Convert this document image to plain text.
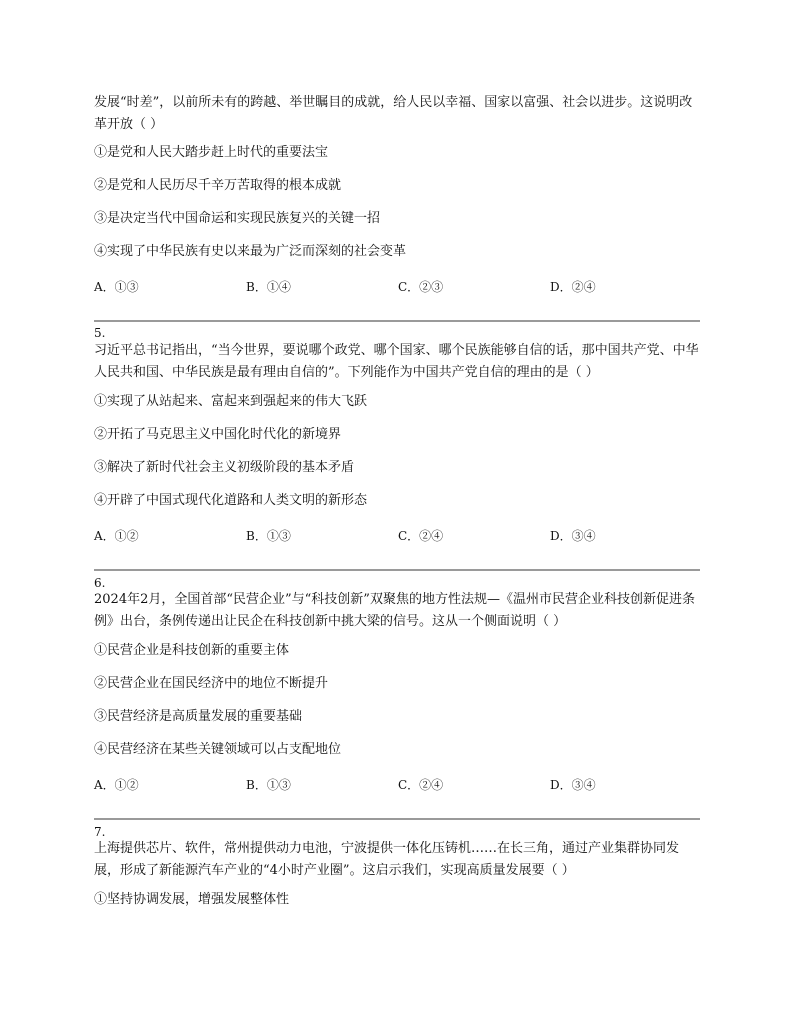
发展“时差”，以前所未有的跨越、举世瞩目的成就，给人民以幸福、国家以富强、社会以进步。这说明改革开放（ ）
①是党和人民大踏步赶上时代的重要法宝
②是党和人民历尽千辛万苦取得的根本成就
③是决定当代中国命运和实现民族复兴的关键一招
④实现了中华民族有史以来最为广泛而深刻的社会变革
A．①③	B．①④	C．②③	D．②④
5.
习近平总书记指出，“当今世界，要说哪个政党、哪个国家、哪个民族能够自信的话，那中国共产党、中华人民共和国、中华民族是最有理由自信的”。下列能作为中国共产党自信的理由的是（ ）
①实现了从站起来、富起来到强起来的伟大飞跃
②开拓了马克思主义中国化时代化的新境界
③解决了新时代社会主义初级阶段的基本矛盾
④开辟了中国式现代化道路和人类文明的新形态
A．①②	B．①③	C．②④	D．③④
6.
2024年2月，全国首部“民营企业”与“科技创新”双聚焦的地方性法规—《温州市民营企业科技创新促进条例》出台，条例传递出让民企在科技创新中挑大梁的信号。这从一个侧面说明（ ）
①民营企业是科技创新的重要主体
②民营企业在国民经济中的地位不断提升
③民营经济是高质量发展的重要基础
④民营经济在某些关键领域可以占支配地位
A．①②	B．①③	C．②④	D．③④
7.
上海提供芯片、软件，常州提供动力电池，宁波提供一体化压铸机……在长三角，通过产业集群协同发展，形成了新能源汽车产业的“4小时产业圈”。这启示我们，实现高质量发展要（ ）
①坚持协调发展，增强发展整体性
